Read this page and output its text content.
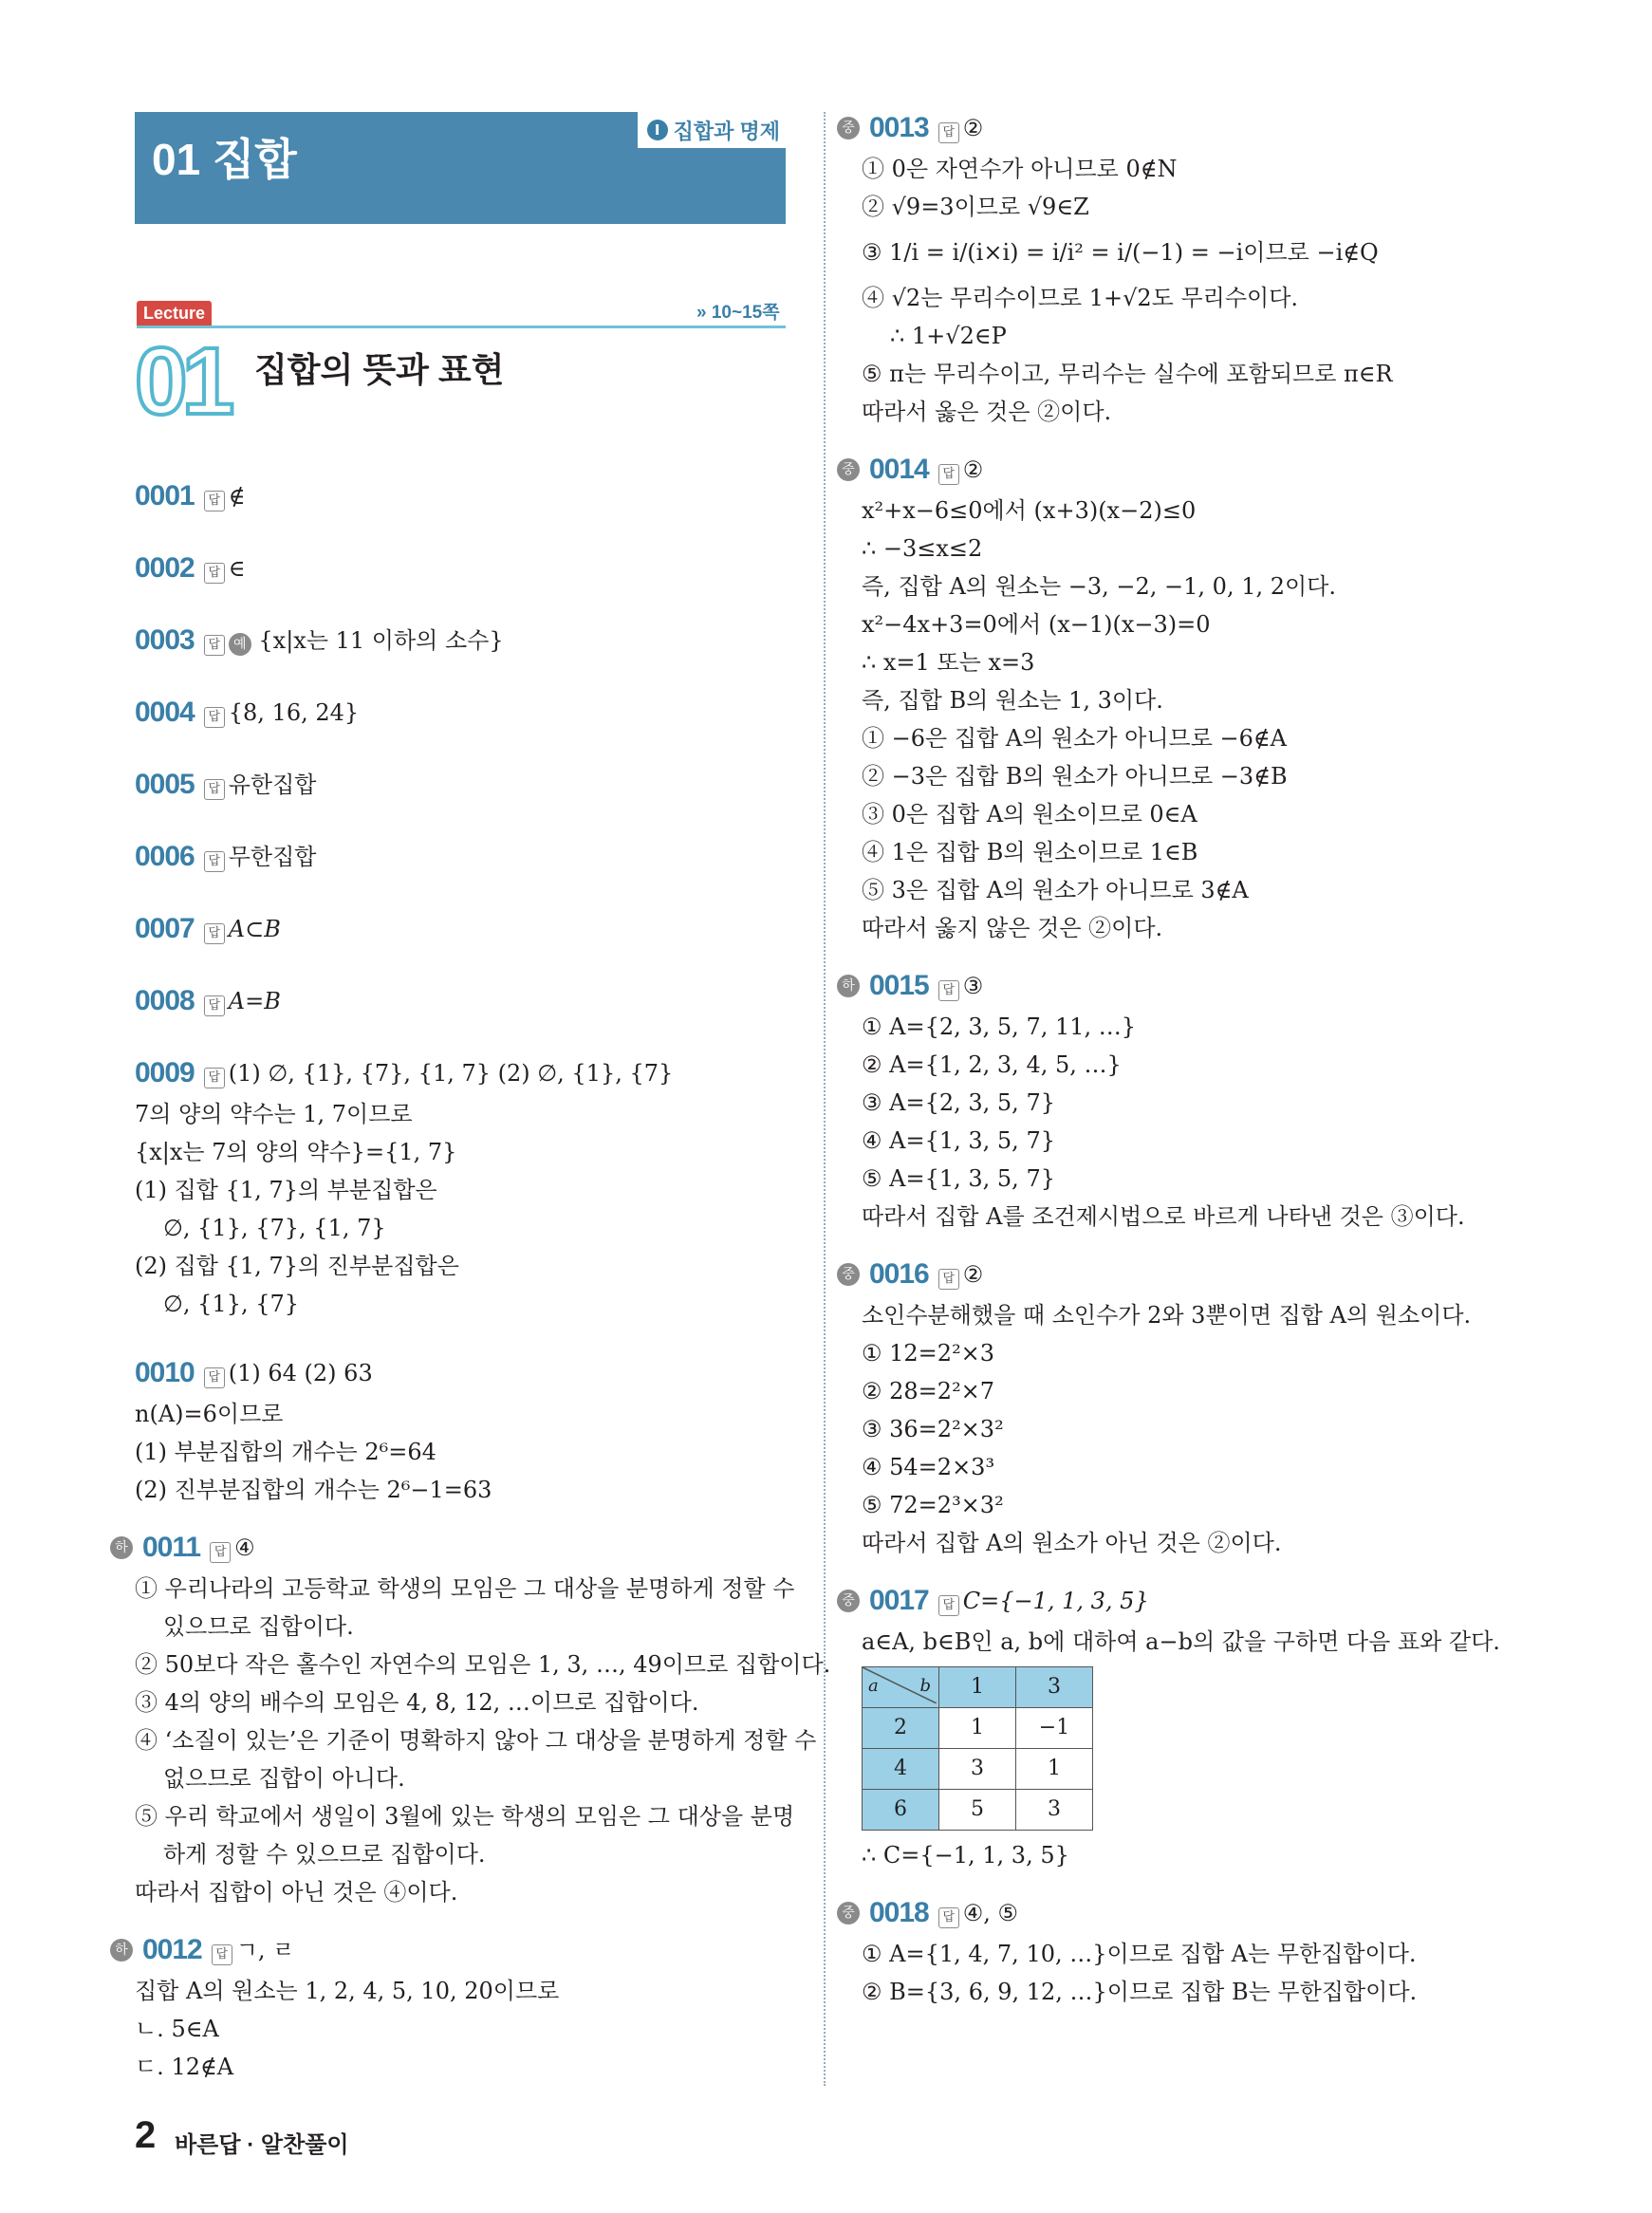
01 집합
Ⅰ 집합과 명제
Lecture	» 10~15쪽
01 집합의 뜻과 표현
0001	답 ∉
0002	답 ∈
0003	답 예 {x|x는 11 이하의 소수}
0004	답 {8, 16, 24}
0005	답 유한집합
0006	답 무한집합
0007	답 A⊂B
0008	답 A=B
0009	답 (1) ∅, {1}, {7}, {1, 7} (2) ∅, {1}, {7}
7의 양의 약수는 1, 7이므로
{x|x는 7의 양의 약수}={1, 7}
(1) 집합 {1, 7}의 부분집합은
∅, {1}, {7}, {1, 7}
(2) 집합 {1, 7}의 진부분집합은
∅, {1}, {7}
0010	답 (1) 64 (2) 63
n(A)=6이므로
(1) 부분집합의 개수는 2⁶=64
(2) 진부분집합의 개수는 2⁶−1=63
하 0011	답 ④
① 우리나라의 고등학교 학생의 모임은 그 대상을 분명하게 정할 수
있으므로 집합이다.
② 50보다 작은 홀수인 자연수의 모임은 1, 3, …, 49이므로 집합이다.
③ 4의 양의 배수의 모임은 4, 8, 12, …이므로 집합이다.
④ ‘소질이 있는’은 기준이 명확하지 않아 그 대상을 분명하게 정할 수
없으므로 집합이 아니다.
⑤ 우리 학교에서 생일이 3월에 있는 학생의 모임은 그 대상을 분명
하게 정할 수 있으므로 집합이다.
따라서 집합이 아닌 것은 ④이다.
하 0012	답 ㄱ, ㄹ
집합 A의 원소는 1, 2, 4, 5, 10, 20이므로
ㄴ. 5∈A
ㄷ. 12∉A
중 0013	답 ②
① 0은 자연수가 아니므로 0∉N
② √9=3이므로 √9∈Z
③ 1/i = i/(i×i) = i/i² = i/(−1) = −i이므로 −i∉Q
④ √2는 무리수이므로 1+√2도 무리수이다.
∴ 1+√2∈P
⑤ π는 무리수이고, 무리수는 실수에 포함되므로 π∈R
따라서 옳은 것은 ②이다.
중 0014	답 ②
x²+x−6≤0에서 (x+3)(x−2)≤0
∴ −3≤x≤2
즉, 집합 A의 원소는 −3, −2, −1, 0, 1, 2이다.
x²−4x+3=0에서 (x−1)(x−3)=0
∴ x=1 또는 x=3
즉, 집합 B의 원소는 1, 3이다.
① −6은 집합 A의 원소가 아니므로 −6∉A
② −3은 집합 B의 원소가 아니므로 −3∉B
③ 0은 집합 A의 원소이므로 0∈A
④ 1은 집합 B의 원소이므로 1∈B
⑤ 3은 집합 A의 원소가 아니므로 3∉A
따라서 옳지 않은 것은 ②이다.
하 0015	답 ③
① A={2, 3, 5, 7, 11, …}
② A={1, 2, 3, 4, 5, …}
③ A={2, 3, 5, 7}
④ A={1, 3, 5, 7}
⑤ A={1, 3, 5, 7}
따라서 집합 A를 조건제시법으로 바르게 나타낸 것은 ③이다.
중 0016	답 ②
소인수분해했을 때 소인수가 2와 3뿐이면 집합 A의 원소이다.
① 12=2²×3
② 28=2²×7
③ 36=2²×3²
④ 54=2×3³
⑤ 72=2³×3²
따라서 집합 A의 원소가 아닌 것은 ②이다.
중 0017	답 C={−1, 1, 3, 5}
a∈A, b∈B인 a, b에 대하여 a−b의 값을 구하면 다음 표와 같다.
a b	1	3
2	1	−1
4	3	1
6	5	3
∴ C={−1, 1, 3, 5}
중 0018	답 ④, ⑤
① A={1, 4, 7, 10, …}이므로 집합 A는 무한집합이다.
② B={3, 6, 9, 12, …}이므로 집합 B는 무한집합이다.
2 바른답 · 알찬풀이
